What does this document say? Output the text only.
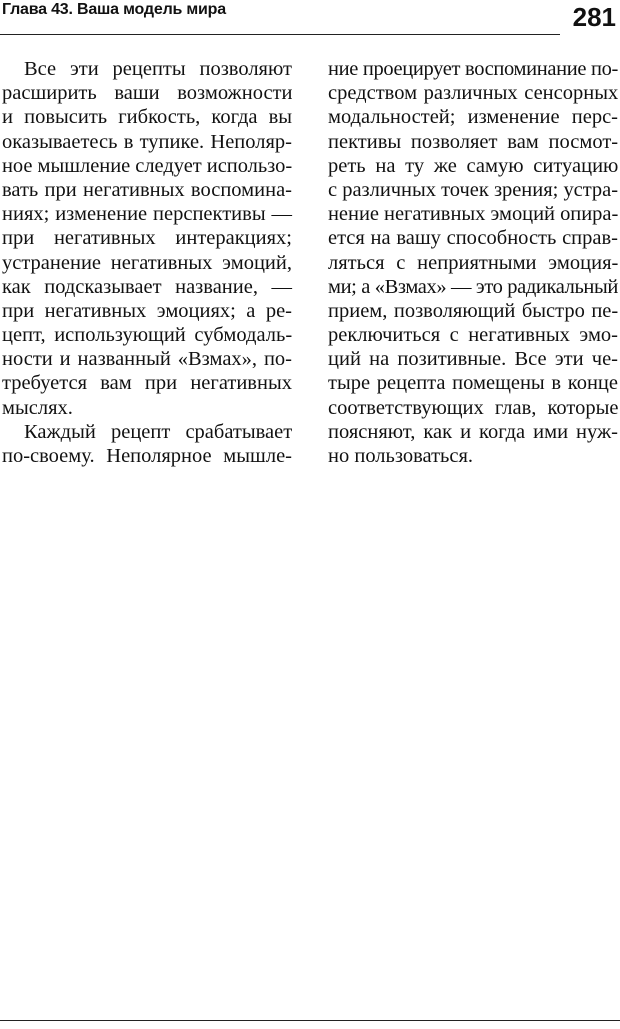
Глава 43. Ваша модель мира	281
Все эти рецепты позволяют
расширить ваши возможности
и повысить гибкость, когда вы
оказываетесь в тупике. Неполяр-
ное мышление следует использо-
вать при негативных воспомина-
ниях; изменение перспективы —
при негативных интеракциях;
устранение негативных эмоций,
как подсказывает название, —
при негативных эмоциях; а ре-
цепт, использующий субмодаль-
ности и названный «Взмах», по-
требуется вам при негативных
мыслях.
Каждый рецепт срабатывает
по-своему. Неполярное мышле-
ние проецирует воспоминание по-
средством различных сенсорных
модальностей; изменение перс-
пективы позволяет вам посмот-
реть на ту же самую ситуацию
с различных точек зрения; устра-
нение негативных эмоций опира-
ется на вашу способность справ-
ляться с неприятными эмоция-
ми; а «Взмах» — это радикальный
прием, позволяющий быстро пе-
реключиться с негативных эмо-
ций на позитивные. Все эти че-
тыре рецепта помещены в конце
соответствующих глав, которые
поясняют, как и когда ими нуж-
но пользоваться.
